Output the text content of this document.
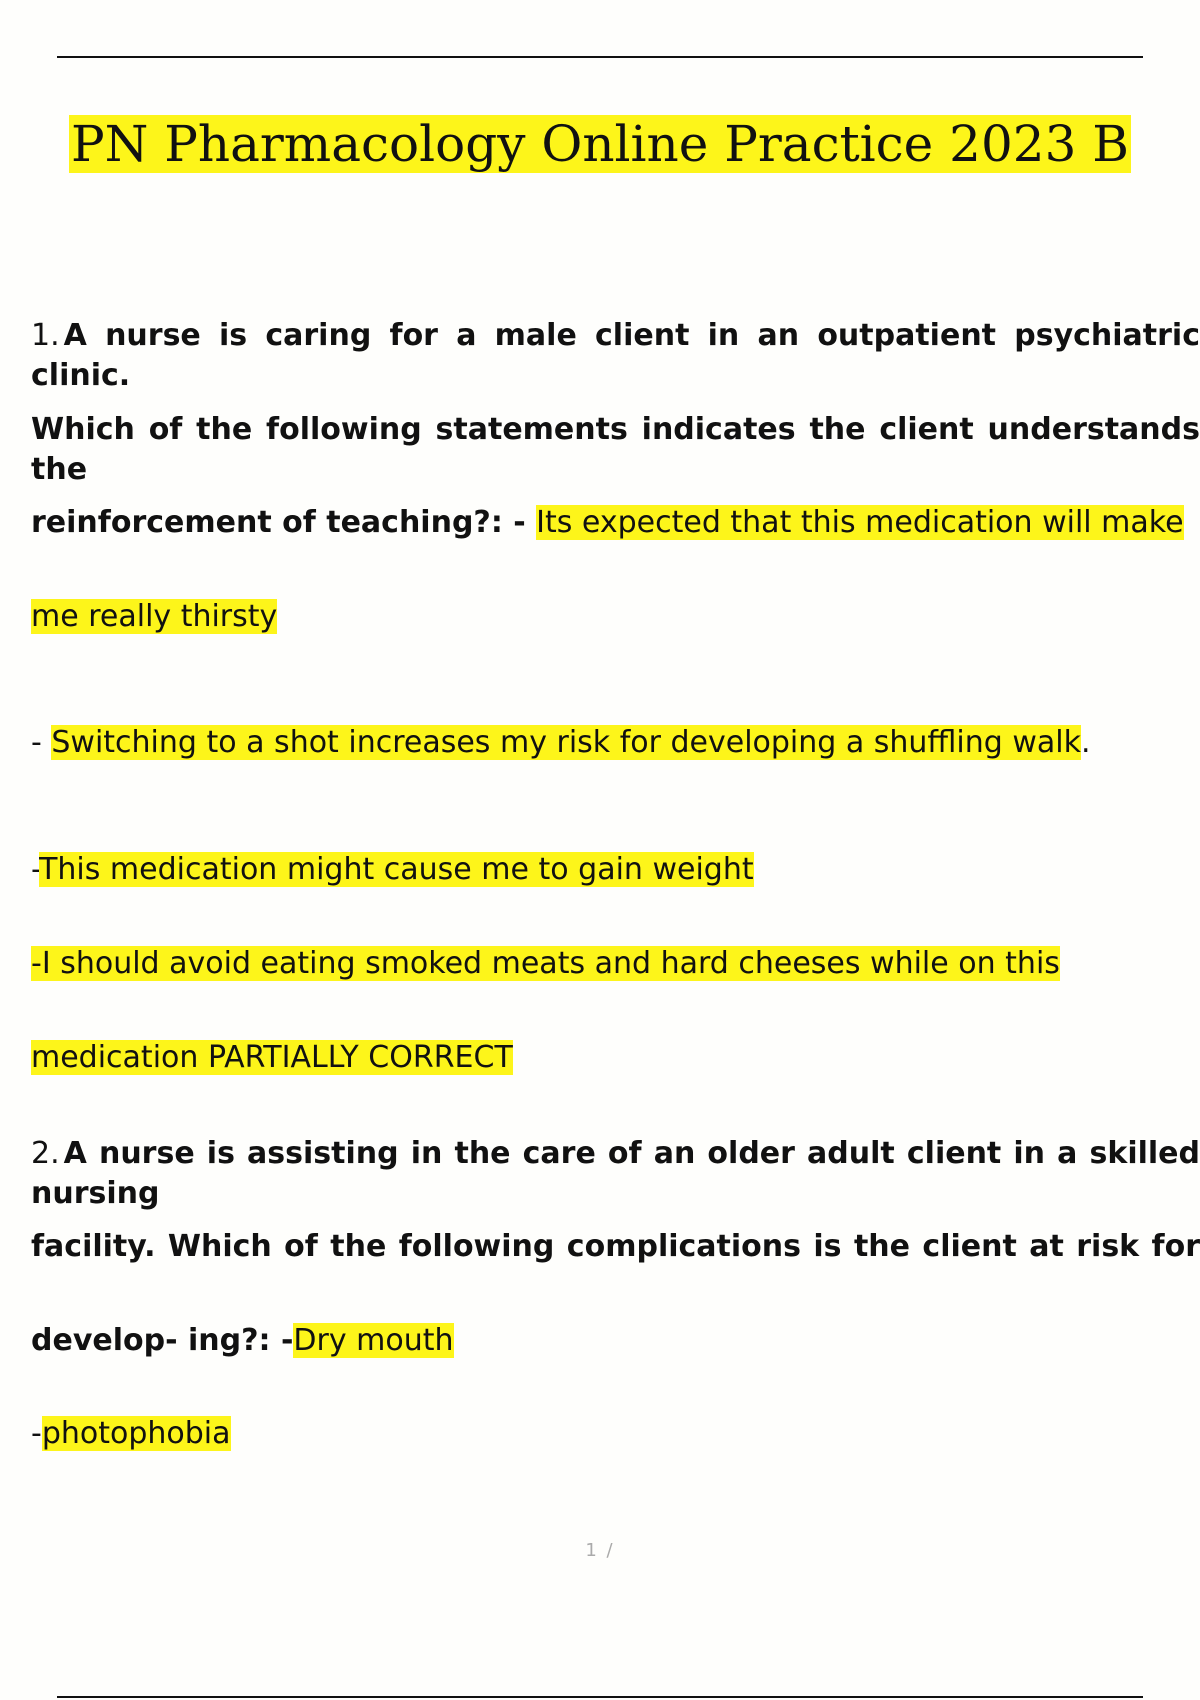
PN Pharmacology Online Practice 2023 B
1. A nurse is caring for a male client in an outpatient psychiatric clinic.
Which of the following statements indicates the client understands the
reinforcement of teaching?: - Its expected that this medication will make
me really thirsty
- Switching to a shot increases my risk for developing a shuffling walk.
-This medication might cause me to gain weight
-I should avoid eating smoked meats and hard cheeses while on this
medication PARTIALLY CORRECT
2. A nurse is assisting in the care of an older adult client in a skilled nursing
facility. Which of the following complications is the client at risk for
develop- ing?: -Dry mouth
-photophobia
1 /
